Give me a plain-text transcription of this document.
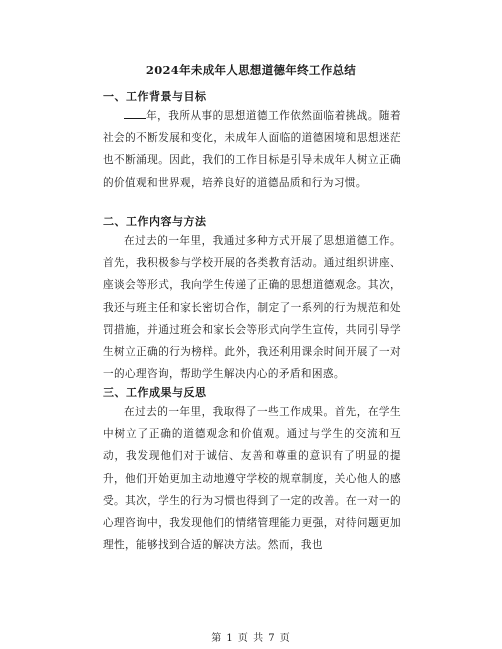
2024年未成年人思想道德年终工作总结
一、工作背景与目标
年，我所从事的思想道德工作依然面临着挑战。随着社会的不断发展和变化，未成年人面临的道德困境和思想迷茫也不断涌现。因此，我们的工作目标是引导未成年人树立正确的价值观和世界观，培养良好的道德品质和行为习惯。
二、工作内容与方法
在过去的一年里，我通过多种方式开展了思想道德工作。首先，我积极参与学校开展的各类教育活动。通过组织讲座、座谈会等形式，我向学生传递了正确的思想道德观念。其次，我还与班主任和家长密切合作，制定了一系列的行为规范和处罚措施，并通过班会和家长会等形式向学生宣传，共同引导学生树立正确的行为榜样。此外，我还利用课余时间开展了一对一的心理咨询，帮助学生解决内心的矛盾和困惑。
三、工作成果与反思
在过去的一年里，我取得了一些工作成果。首先，在学生中树立了正确的道德观念和价值观。通过与学生的交流和互动，我发现他们对于诚信、友善和尊重的意识有了明显的提升，他们开始更加主动地遵守学校的规章制度，关心他人的感受。其次，学生的行为习惯也得到了一定的改善。在一对一的心理咨询中，我发现他们的情绪管理能力更强，对待问题更加理性，能够找到合适的解决方法。然而，我也
第 1 页 共 7 页
